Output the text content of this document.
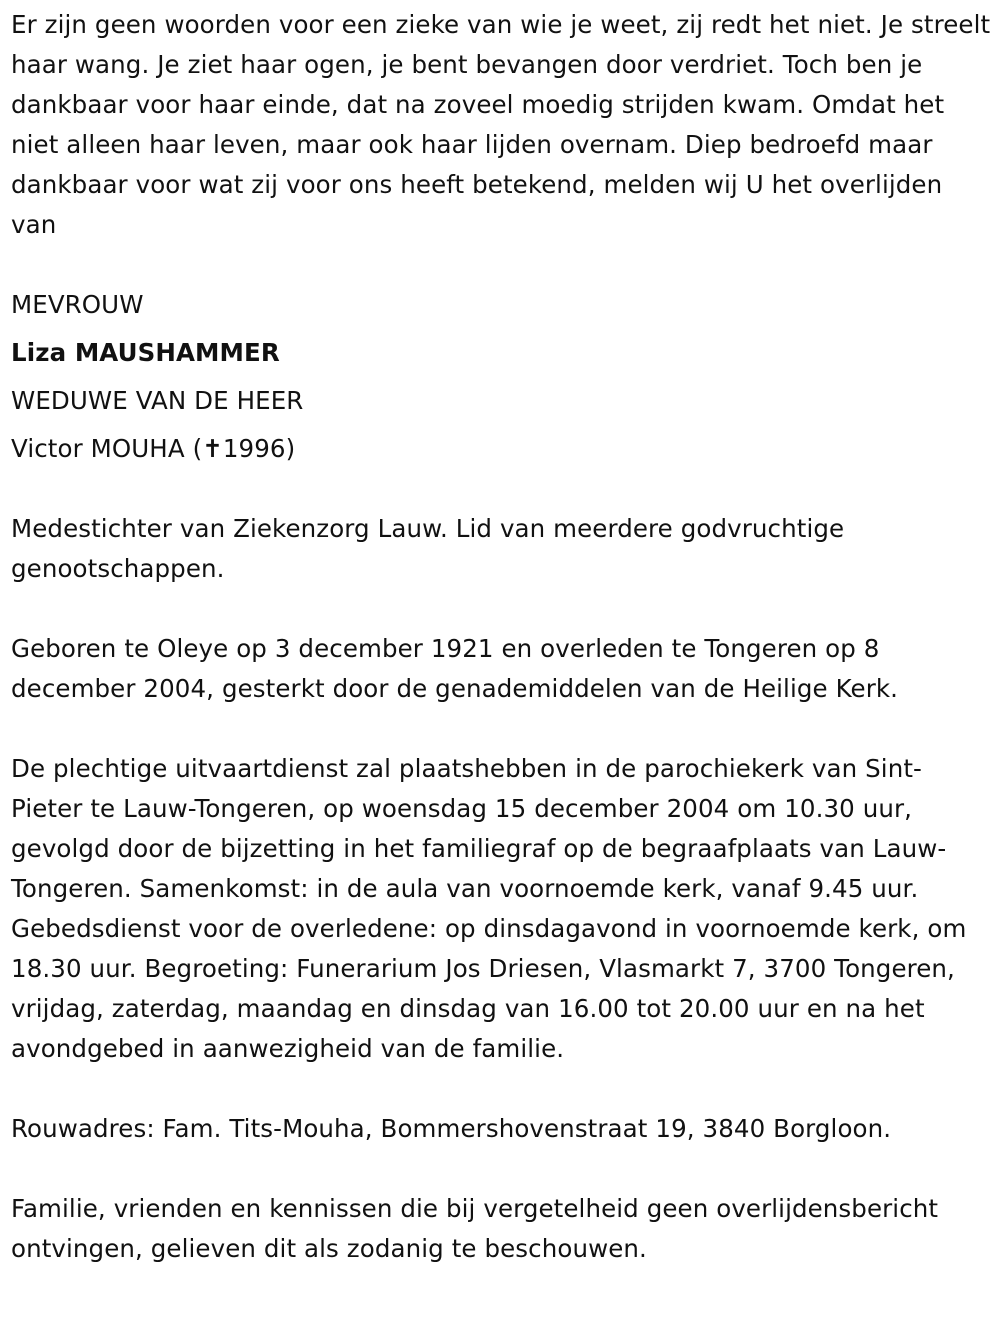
Er zijn geen woorden voor een zieke van wie je weet, zij redt het niet. Je streelt haar wang. Je ziet haar ogen, je bent bevangen door verdriet. Toch ben je dankbaar voor haar einde, dat na zoveel moedig strijden kwam. Omdat het niet alleen haar leven, maar ook haar lijden overnam. Diep bedroefd maar dankbaar voor wat zij voor ons heeft betekend, melden wij U het overlijden van

MEVROUW

Liza MAUSHAMMER

WEDUWE VAN DE HEER

Victor MOUHA (✝1996)

Medestichter van Ziekenzorg Lauw. Lid van meerdere godvruchtige genootschappen.

Geboren te Oleye op 3 december 1921 en overleden te Tongeren op 8 december 2004, gesterkt door de genademiddelen van de Heilige Kerk.

De plechtige uitvaartdienst zal plaatshebben in de parochiekerk van Sint-Pieter te Lauw-Tongeren, op woensdag 15 december 2004 om 10.30 uur, gevolgd door de bijzetting in het familiegraf op de begraafplaats van Lauw-Tongeren. Samenkomst: in de aula van voornoemde kerk, vanaf 9.45 uur. Gebedsdienst voor de overledene: op dinsdagavond in voornoemde kerk, om 18.30 uur. Begroeting: Funerarium Jos Driesen, Vlasmarkt 7, 3700 Tongeren, vrijdag, zaterdag, maandag en dinsdag van 16.00 tot 20.00 uur en na het avondgebed in aanwezigheid van de familie.

Rouwadres: Fam. Tits-Mouha, Bommershovenstraat 19, 3840 Borgloon.

Familie, vrienden en kennissen die bij vergetelheid geen overlijdensbericht ontvingen, gelieven dit als zodanig te beschouwen.
